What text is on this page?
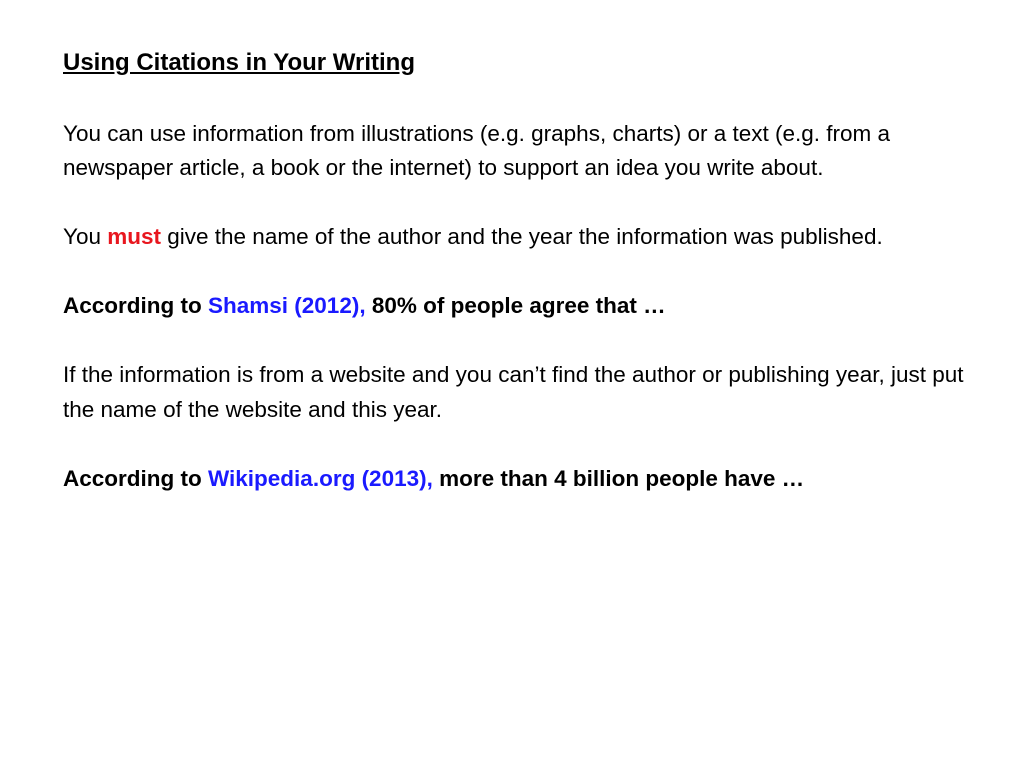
Using Citations in Your Writing
You can use information from illustrations (e.g. graphs, charts) or a text (e.g. from a newspaper article, a book or the internet) to support an idea you write about.
You must give the name of the author and the year the information was published.
According to Shamsi (2012), 80% of people agree that …
If the information is from a website and you can’t find the author or publishing year, just put the name of the website and this year.
According to Wikipedia.org (2013), more than 4 billion people have …
